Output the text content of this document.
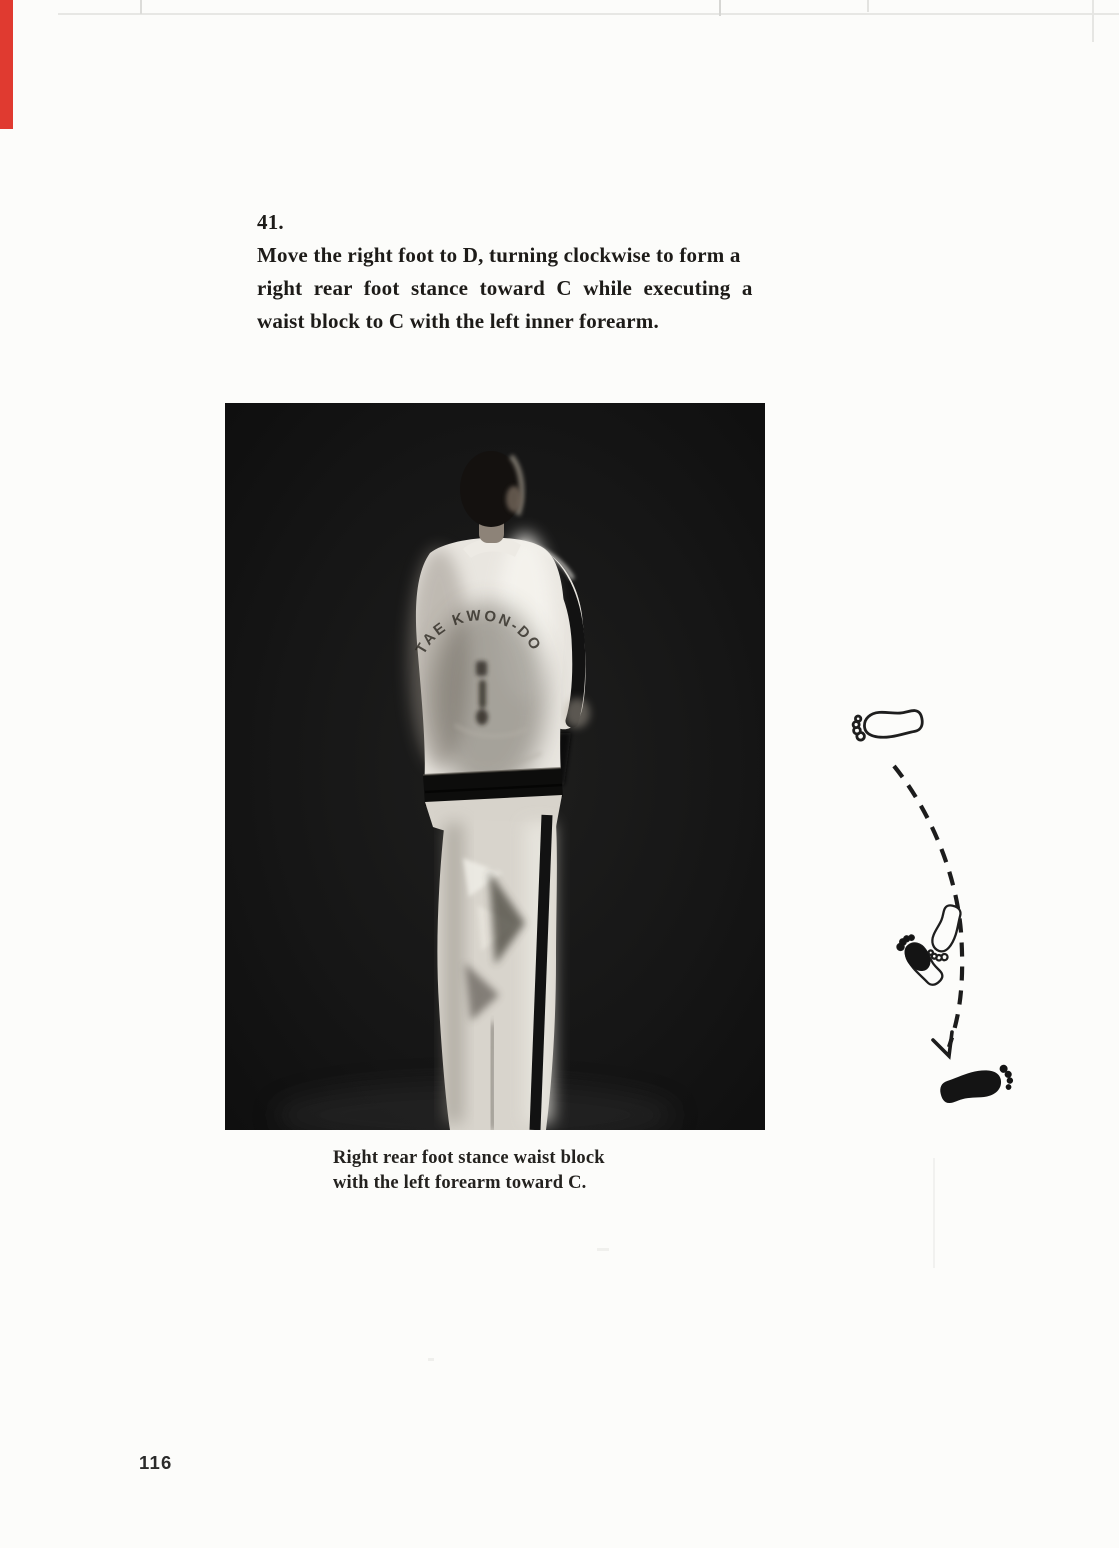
41.
Move the right foot to D, turning clockwise to form a
right rear foot stance toward C while executing a
waist block to C with the left inner forearm.
TAE KWON-DO
Right rear foot stance waist block
with the left forearm toward C.
116
